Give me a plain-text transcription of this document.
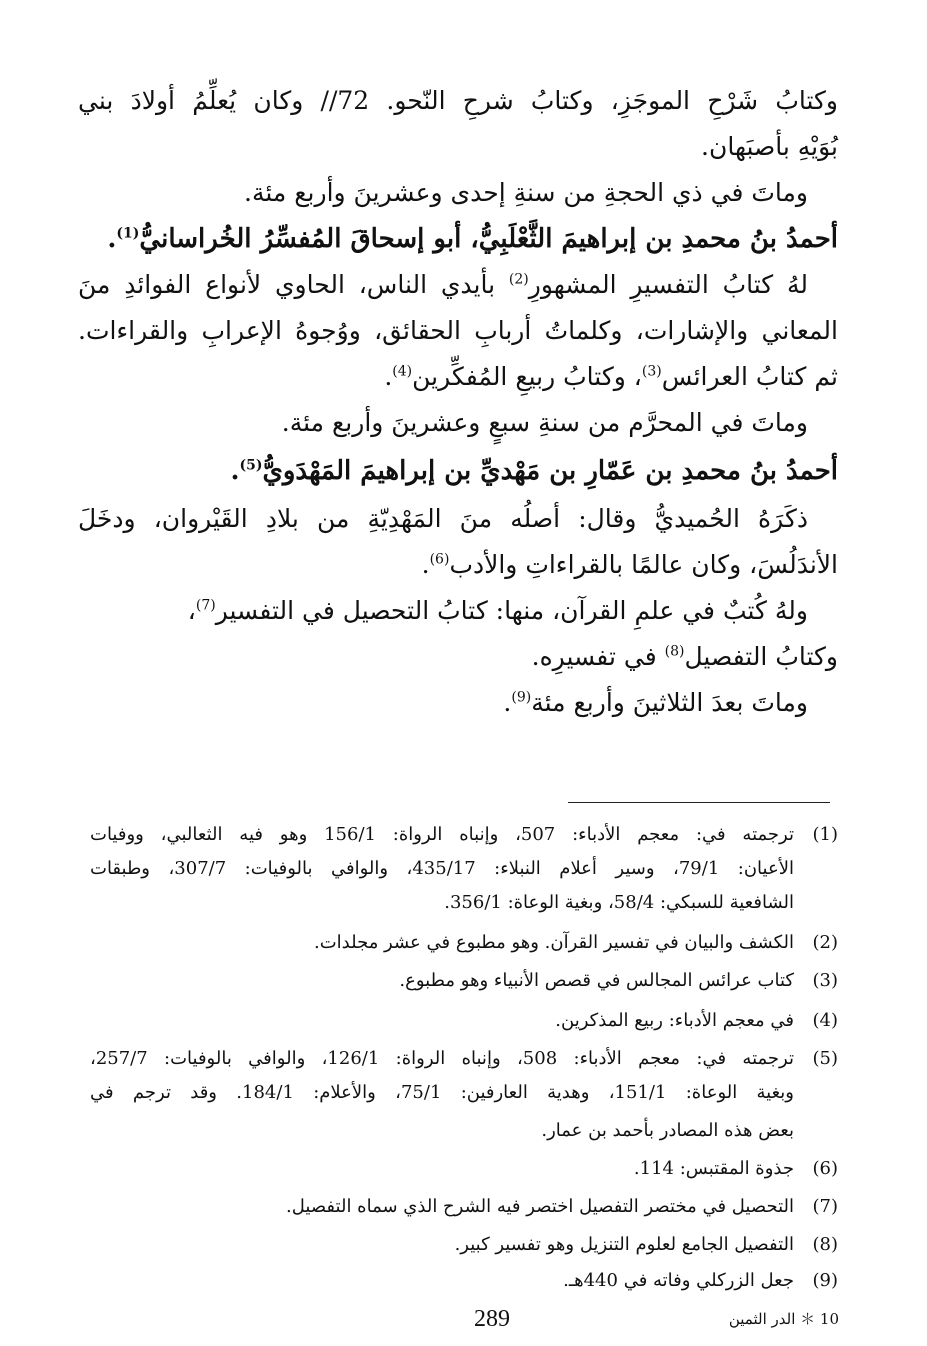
وكتابُ شَرْحِ الموجَزِ، وكتابُ شرحِ النّحو. 72// وكان يُعلِّمُ أولادَ بني
بُوَيْهِ بأصبَهان.
وماتَ في ذي الحجةِ من سنةِ إحدى وعشرينَ وأربع مئة.
أحمدُ بنُ محمدِ بن إبراهيمَ الثَّعْلَبِيُّ، أبو إسحاقَ المُفسِّرُ الخُراسانيُّ$^{(1)}$.
لهُ كتابُ التفسيرِ المشهورِ$^{(2)}$ بأيدي الناس، الحاوي لأنواع الفوائدِ منَ
المعاني والإشارات، وكلماتُ أربابِ الحقائق، ووُجوهُ الإعرابِ والقراءات.
ثم كتابُ العرائس$^{(3)}$، وكتابُ ربيعِ المُفكِّرين$^{(4)}$.
وماتَ في المحرَّم من سنةِ سبعٍ وعشرينَ وأربع مئة.
أحمدُ بنُ محمدِ بن عَمّارِ بن مَهْديِّ بن إبراهيمَ المَهْدَويُّ$^{(5)}$.
ذكَرَهُ الحُميديُّ وقال: أصلُه منَ المَهْدِيّةِ من بلادِ القَيْروان، ودخَلَ
الأندَلُسَ، وكان عالمًا بالقراءاتِ والأدب$^{(6)}$.
ولهُ كُتبٌ في علمِ القرآن، منها: كتابُ التحصيل في التفسير$^{(7)}$،
وكتابُ التفصيل$^{(8)}$ في تفسيرِه.
وماتَ بعدَ الثلاثينَ وأربع مئة$^{(9)}$.
(1)ترجمته في: معجم الأدباء: 507، وإنباه الرواة: 156/1 وهو فيه الثعالبي، ووفيات
الأعيان: 79/1، وسير أعلام النبلاء: 435/17، والوافي بالوفيات: 307/7، وطبقات
الشافعية للسبكي: 58/4، وبغية الوعاة: 356/1.
(2)الكشف والبيان في تفسير القرآن. وهو مطبوع في عشر مجلدات.
(3)كتاب عرائس المجالس في قصص الأنبياء وهو مطبوع.
(4)في معجم الأدباء: ربيع المذكرين.
(5)ترجمته في: معجم الأدباء: 508، وإنباه الرواة: 126/1، والوافي بالوفيات: 257/7،
وبغية الوعاة: 151/1، وهدية العارفين: 75/1، والأعلام: 184/1. وقد ترجم في
بعض هذه المصادر بأحمد بن عمار.
(6)جذوة المقتبس: 114.
(7)التحصيل في مختصر التفصيل اختصر فيه الشرح الذي سماه التفصيل.
(8)التفصيل الجامع لعلوم التنزيل وهو تفسير كبير.
(9)جعل الزركلي وفاته في 440هـ.
289	10 ＊ الدر الثمين
